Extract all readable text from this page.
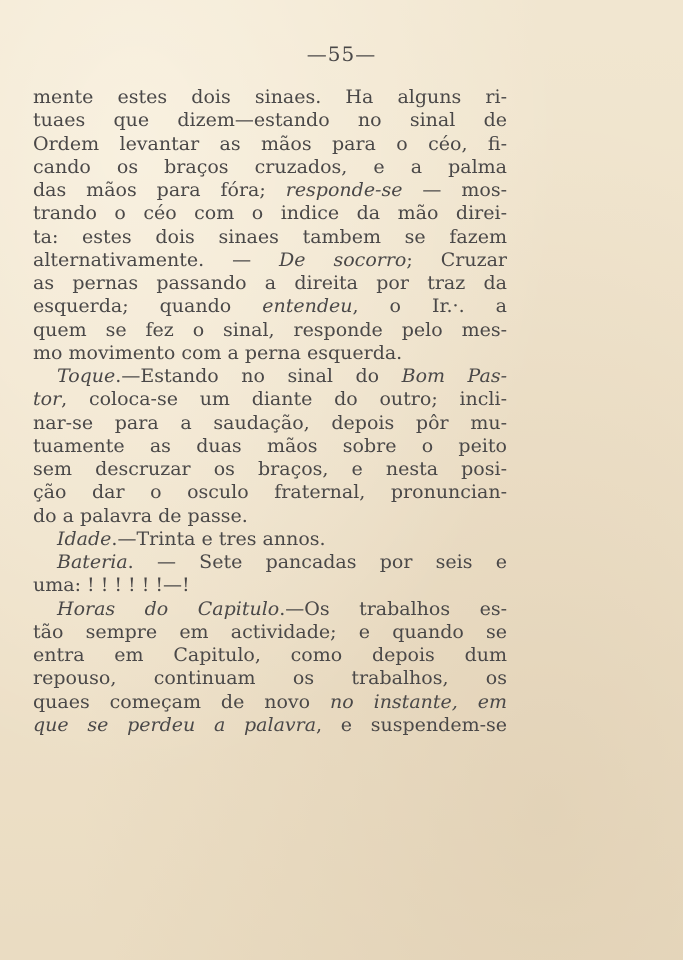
—55—
mente estes dois sinaes. Ha alguns ri-
tuaes que dizem—estando no sinal de
Ordem levantar as mãos para o céo, fi-
cando os braços cruzados, e a palma
das mãos para fóra; responde-se — mos-
trando o céo com o indice da mão direi-
ta: estes dois sinaes tambem se fazem
alternativamente. — De socorro; Cruzar
as pernas passando a direita por traz da
esquerda; quando entendeu, o Ir.·. a
quem se fez o sinal, responde pelo mes-
mo movimento com a perna esquerda.
Toque.—Estando no sinal do Bom Pas-
tor, coloca-se um diante do outro; incli-
nar-se para a saudação, depois pôr mu-
tuamente as duas mãos sobre o peito
sem descruzar os braços, e nesta posi-
ção dar o osculo fraternal, pronuncian-
do a palavra de passe.
Idade.—Trinta e tres annos.
Bateria. — Sete pancadas por seis e
uma: ! ! ! ! ! !—!
Horas do Capitulo.—Os trabalhos es-
tão sempre em actividade; e quando se
entra em Capitulo, como depois dum
repouso, continuam os trabalhos, os
quaes começam de novo no instante, em
que se perdeu a palavra, e suspendem-se
